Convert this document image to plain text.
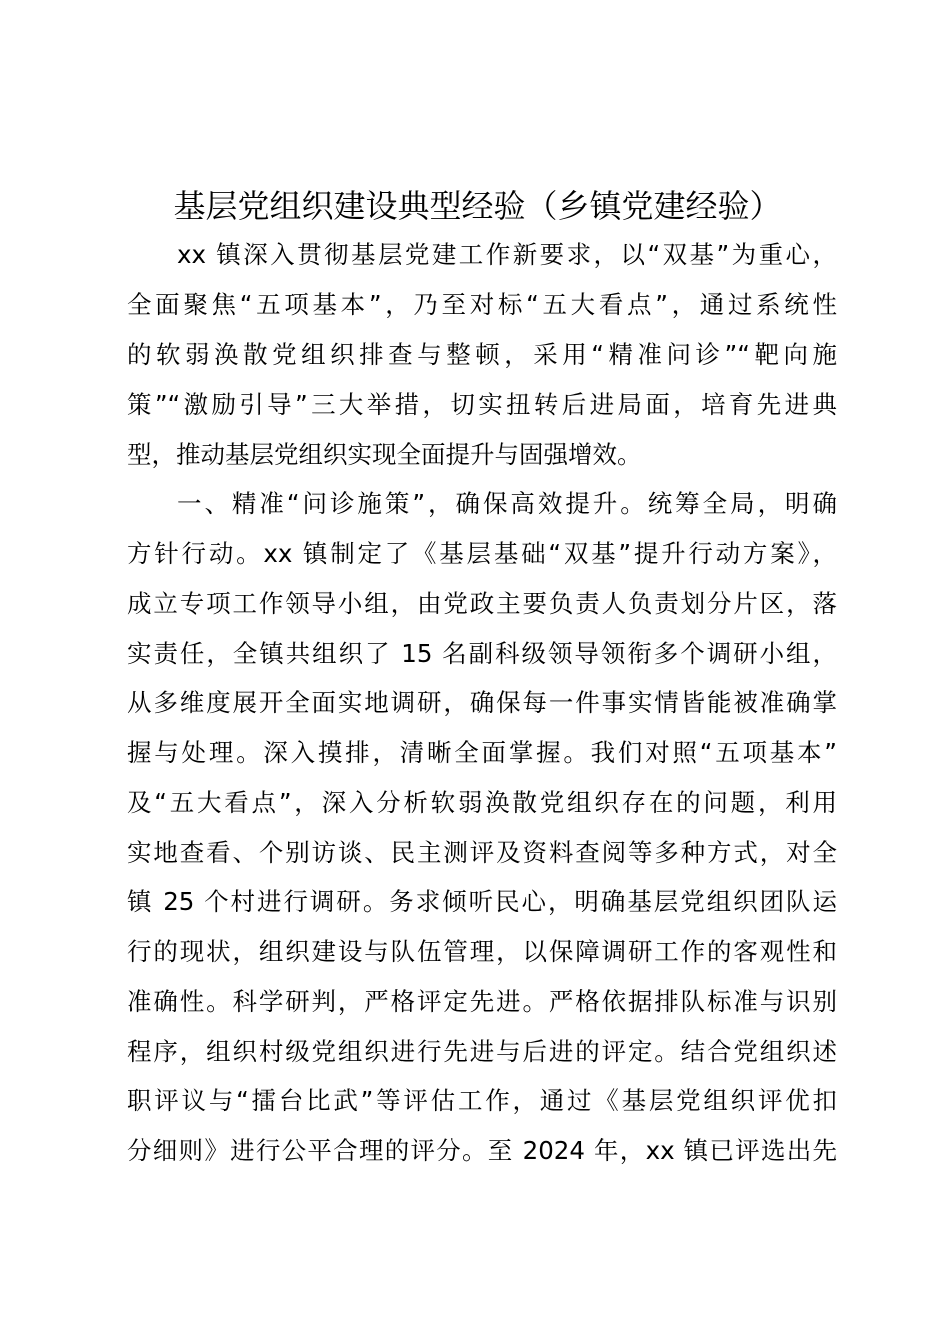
基层党组织建设典型经验（乡镇党建经验）
xx 镇深入贯彻基层党建工作新要求，以“双基”为重心，
全面聚焦“五项基本”，乃至对标“五大看点”，通过系统性
的软弱涣散党组织排查与整顿，采用“精准问诊”“靶向施
策”“激励引导”三大举措，切实扭转后进局面，培育先进典
型，推动基层党组织实现全面提升与固强增效。
一、精准“问诊施策”，确保高效提升。统筹全局，明确
方针行动。xx 镇制定了《基层基础“双基”提升行动方案》，
成立专项工作领导小组，由党政主要负责人负责划分片区，落
实责任，全镇共组织了 15 名副科级领导领衔多个调研小组，
从多维度展开全面实地调研，确保每一件事实情皆能被准确掌
握与处理。深入摸排，清晰全面掌握。我们对照“五项基本”
及“五大看点”，深入分析软弱涣散党组织存在的问题，利用
实地查看、个别访谈、民主测评及资料查阅等多种方式，对全
镇 25 个村进行调研。务求倾听民心，明确基层党组织团队运
行的现状，组织建设与队伍管理，以保障调研工作的客观性和
准确性。科学研判，严格评定先进。严格依据排队标准与识别
程序，组织村级党组织进行先进与后进的评定。结合党组织述
职评议与“擂台比武”等评估工作，通过《基层党组织评优扣
分细则》进行公平合理的评分。至 2024 年，xx 镇已评选出先
